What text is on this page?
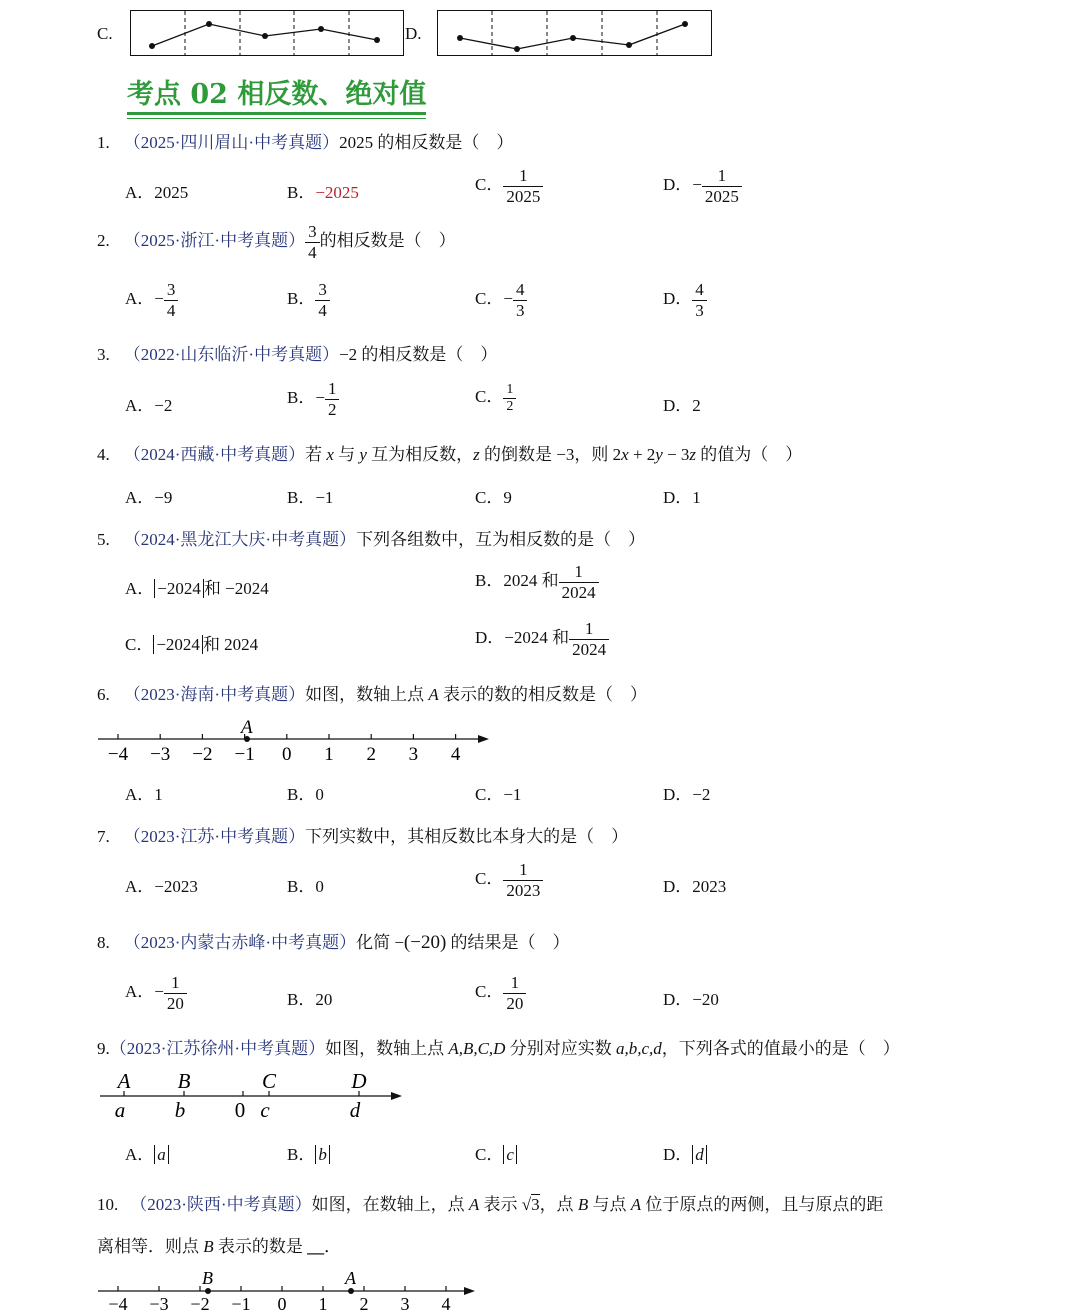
C.	D.
考点 02 相反数、绝对值
1. （2025·四川眉山·中考真题）2025 的相反数是（　）
A．2025	B．−2025	C． $\frac{1}{2025}$	D．− $\frac{1}{2025}$
2. （2025·浙江·中考真题） $\frac{3}{4}$ 的相反数是（　）
A．− $\frac{3}{4}$	B． $\frac{3}{4}$	C．− $\frac{4}{3}$	D． $\frac{4}{3}$
3. （2022·山东临沂·中考真题）−2 的相反数是（　）
A．−2	B．− $\frac{1}{2}$	C． $\frac{1}{2}$	D．2
4. （2024·西藏·中考真题）若 x 与 y 互为相反数，z 的倒数是 −3，则 2x + 2y − 3z 的值为（　）
A．−9	B．−1	C．9	D．1
5. （2024·黑龙江大庆·中考真题）下列各组数中，互为相反数的是（　）
A． −2024 和 −2024	B．2024 和 $\frac{1}{2024}$
C． −2024 和 2024	D．−2024 和 $\frac{1}{2024}$
6. （2023·海南·中考真题）如图，数轴上点 A 表示的数的相反数是（　）
−4 −3 −2 −1 0 1 2 3 4
A
A．1	B．0	C．−1	D．−2
7. （2023·江苏·中考真题）下列实数中，其相反数比本身大的是（　）
A．−2023	B．0	C． $\frac{1}{2023}$	D．2023
8. （2023·内蒙古赤峰·中考真题）化简 −(−20) 的结果是（　）
A．− $\frac{1}{20}$	B．20	C． $\frac{1}{20}$	D．−20
9.（2023·江苏徐州·中考真题）如图，数轴上点 A,B,C,D 分别对应实数 a,b,c,d，下列各式的值最小的是（　）
A
a
B
b
C
c
D
d
0
A． a	B． b	C． c	D． d
10. （2023·陕西·中考真题）如图，在数轴上，点 A 表示 √3，点 B 与点 A 位于原点的两侧，且与原点的距
离相等．则点 B 表示的数是 __．
−4 −3 −2 −1 0 1 2 3 4
B	A
